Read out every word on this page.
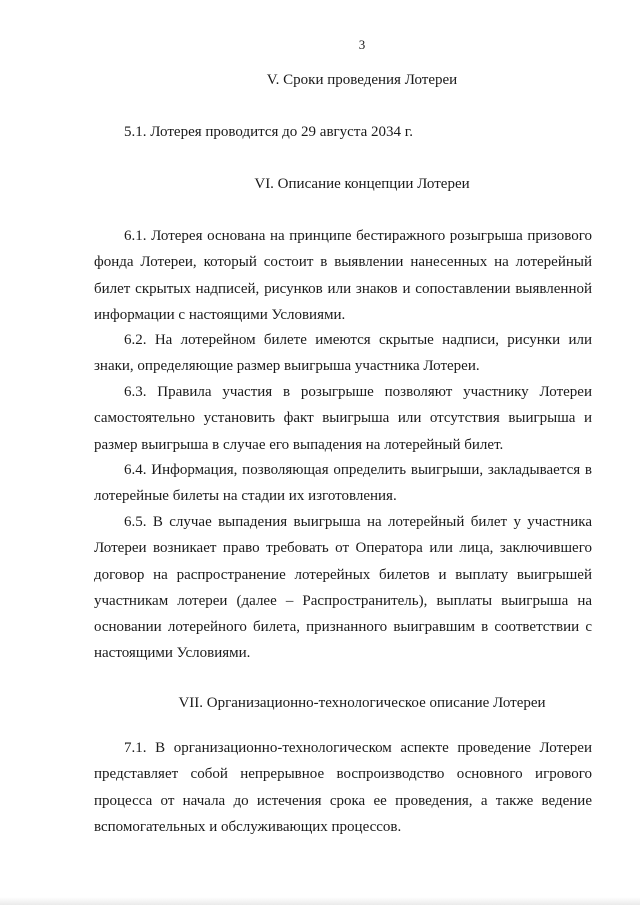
3
V. Сроки проведения Лотереи
5.1. Лотерея проводится до 29 августа 2034 г.
VI. Описание концепции Лотереи
6.1. Лотерея основана на принципе бестиражного розыгрыша призового фонда Лотереи, который состоит в выявлении нанесенных на лотерейный билет скрытых надписей, рисунков или знаков и сопоставлении выявленной информации с настоящими Условиями.
6.2. На лотерейном билете имеются скрытые надписи, рисунки или знаки, определяющие размер выигрыша участника Лотереи.
6.3. Правила участия в розыгрыше позволяют участнику Лотереи самостоятельно установить факт выигрыша или отсутствия выигрыша и размер выигрыша в случае его выпадения на лотерейный билет.
6.4. Информация, позволяющая определить выигрыши, закладывается в лотерейные билеты на стадии их изготовления.
6.5. В случае выпадения выигрыша на лотерейный билет у участника Лотереи возникает право требовать от Оператора или лица, заключившего договор на распространение лотерейных билетов и выплату выигрышей участникам лотереи (далее – Распространитель), выплаты выигрыша на основании лотерейного билета, признанного выигравшим в соответствии с настоящими Условиями.
VII. Организационно-технологическое описание Лотереи
7.1. В организационно-технологическом аспекте проведение Лотереи представляет собой непрерывное воспроизводство основного игрового процесса от начала до истечения срока ее проведения, а также ведение вспомогательных и обслуживающих процессов.
